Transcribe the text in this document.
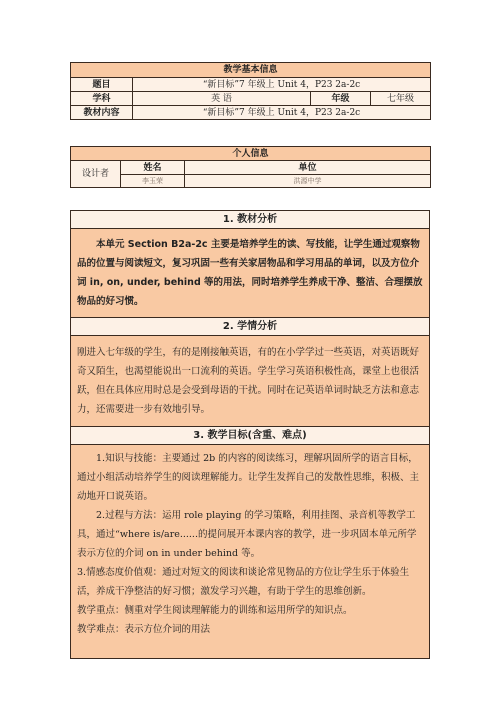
教学基本信息			
题目	“新目标”7 年级上 Unit 4，P23 2a-2c		
学科	英 语	年级	七年级
教材内容	“新目标”7 年级上 Unit 4，P23 2a-2c		
个人信息		
设计者	姓名	单位
	李玉荣	洪源中学
1. 教材分析
本单元 Section B2a-2c 主要是培养学生的读、写技能，让学生通过观察物品的位置与阅读短文，复习巩固一些有关家居物品和学习用品的单词，以及方位介词 in, on, under, behind 等的用法，同时培养学生养成干净、整洁、合理摆放物品的好习惯。
2. 学情分析
刚进入七年级的学生，有的是刚接触英语，有的在小学学过一些英语，对英语既好奇又陌生，也渴望能说出一口流利的英语。学生学习英语积极性高，课堂上也很活跃，但在具体应用时总是会受到母语的干扰。同时在记英语单词时缺乏方法和意志力，还需要进一步有效地引导。
3. 教学目标(含重、难点)

1.知识与技能：主要通过 2b 的内容的阅读练习，理解巩固所学的语言目标，通过小组活动培养学生的阅读理解能力。让学生发挥自己的发散性思维，积极、主动地开口说英语。

2.过程与方法：运用 role playing 的学习策略，利用挂图、录音机等教学工具，通过“where is/are......的提问展开本课内容的教学，进一步巩固本单元所学表示方位的介词 on in under behind 等。

3.情感态度价值观：通过对短文的阅读和谈论常见物品的方位让学生乐于体验生活，养成干净整洁的好习惯；激发学习兴趣，有助于学生的思维创新。

教学重点：侧重对学生阅读理解能力的训练和运用所学的知识点。

教学难点：表示方位介词的用法
